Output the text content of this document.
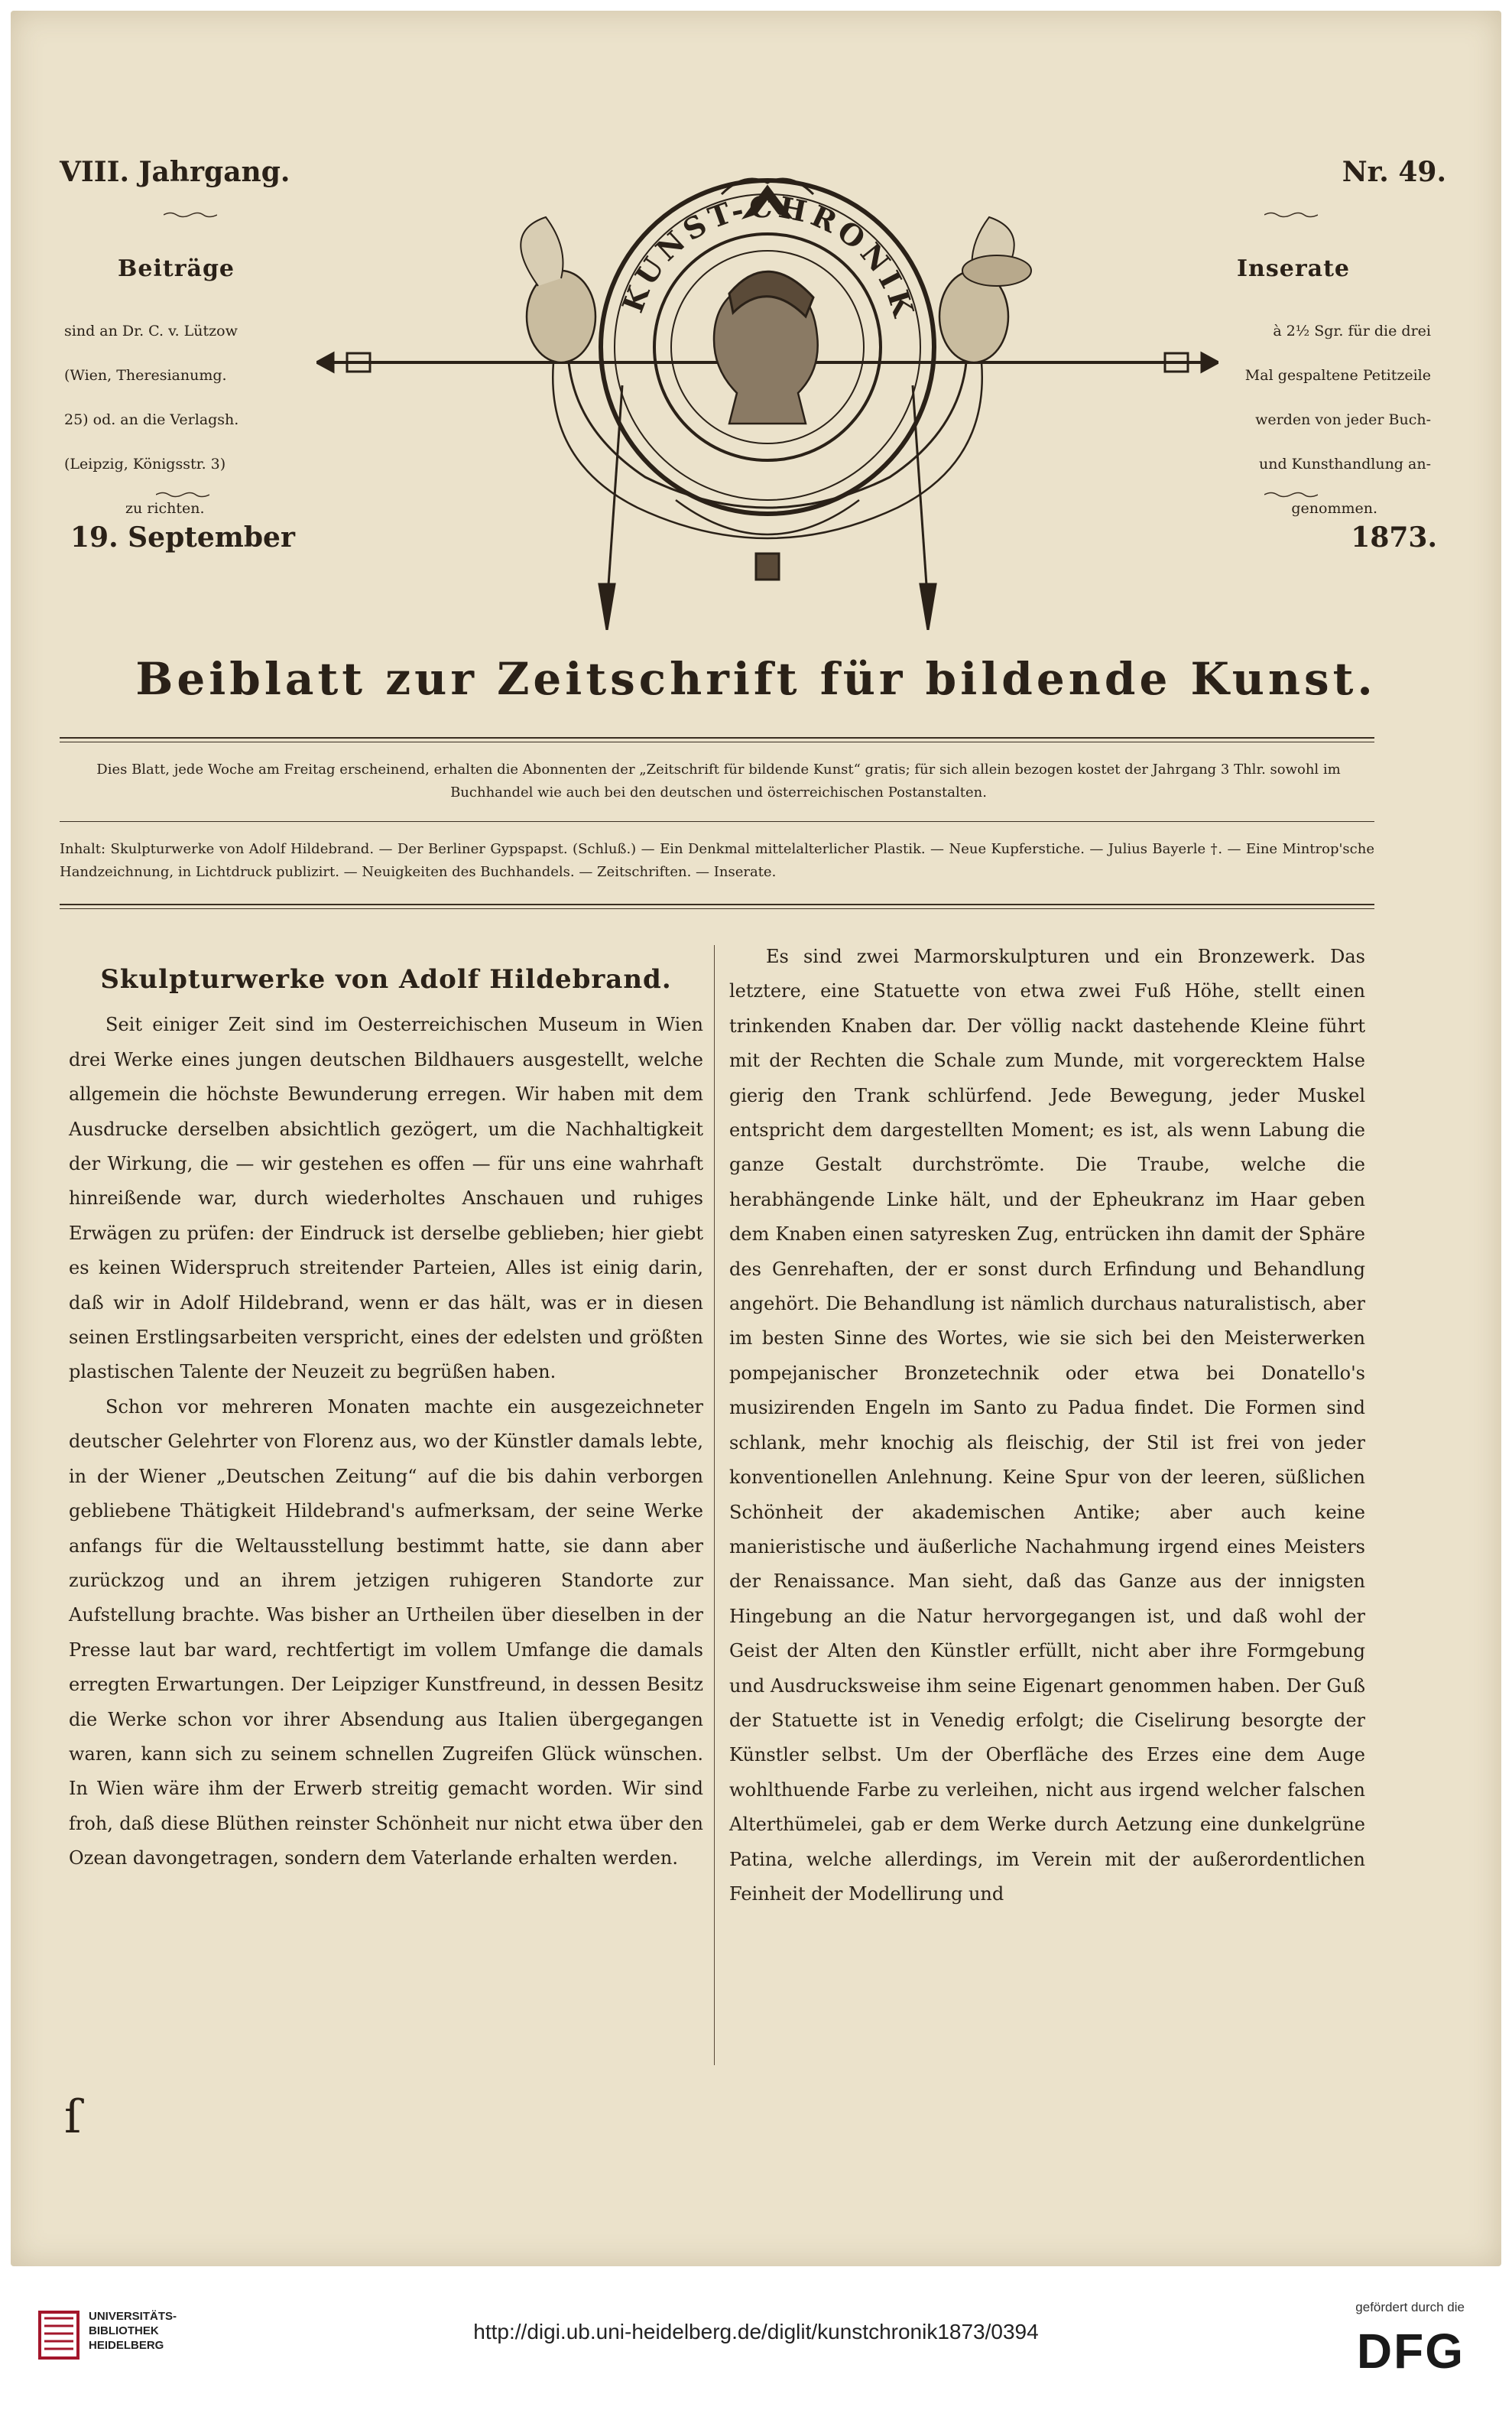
VIII. Jahrgang.	Nr. 49.
Beiträge

sind an Dr. C. v. Lützow

(Wien, Theresianumg.

25) od. an die Verlagsh.

(Leipzig, Königsstr. 3)

zu richten.

Inserate

à 2½ Sgr. für die drei

Mal gespaltene Petitzeile

werden von jeder Buch-

und Kunsthandlung an-

genommen.

19. September	1873.
KUNST-CHRONIK
Beiblatt zur Zeitschrift für bildende Kunst.
Dies Blatt, jede Woche am Freitag erscheinend, erhalten die Abonnenten der „Zeitschrift für bildende Kunst“ gratis; für sich allein bezogen kostet der Jahrgang 3 Thlr. sowohl im Buchhandel wie auch bei den deutschen und österreichischen Postanstalten.
Inhalt: Skulpturwerke von Adolf Hildebrand. — Der Berliner Gypspapst. (Schluß.) — Ein Denkmal mittelalterlicher Plastik. — Neue Kupferstiche. — Julius Bayerle †. — Eine Mintrop'sche Handzeichnung, in Lichtdruck publizirt. — Neuigkeiten des Buchhandels. — Zeitschriften. — Inserate.
Skulpturwerke von Adolf Hildebrand.

Seit einiger Zeit sind im Oesterreichischen Museum in Wien drei Werke eines jungen deutschen Bildhauers ausgestellt, welche allgemein die höchste Bewunderung erregen. Wir haben mit dem Ausdrucke derselben absichtlich gezögert, um die Nachhaltigkeit der Wirkung, die — wir gestehen es offen — für uns eine wahrhaft hinreißende war, durch wiederholtes Anschauen und ruhiges Erwägen zu prüfen: der Eindruck ist derselbe geblieben; hier giebt es keinen Widerspruch streitender Parteien, Alles ist einig darin, daß wir in Adolf Hildebrand, wenn er das hält, was er in diesen seinen Erstlingsarbeiten verspricht, eines der edelsten und größten plastischen Talente der Neuzeit zu begrüßen haben.

Schon vor mehreren Monaten machte ein ausgezeichneter deutscher Gelehrter von Florenz aus, wo der Künstler damals lebte, in der Wiener „Deutschen Zeitung“ auf die bis dahin verborgen gebliebene Thätigkeit Hildebrand's aufmerksam, der seine Werke anfangs für die Weltausstellung bestimmt hatte, sie dann aber zurückzog und an ihrem jetzigen ruhigeren Standorte zur Aufstellung brachte. Was bisher an Urtheilen über dieselben in der Presse laut bar ward, rechtfertigt im vollem Umfange die damals erregten Erwartungen. Der Leipziger Kunstfreund, in dessen Besitz die Werke schon vor ihrer Absendung aus Italien übergegangen waren, kann sich zu seinem schnellen Zugreifen Glück wünschen. In Wien wäre ihm der Erwerb streitig gemacht worden. Wir sind froh, daß diese Blüthen reinster Schönheit nur nicht etwa über den Ozean davongetragen, sondern dem Vaterlande erhalten werden.

Es sind zwei Marmorskulpturen und ein Bronzewerk. Das letztere, eine Statuette von etwa zwei Fuß Höhe, stellt einen trinkenden Knaben dar. Der völlig nackt dastehende Kleine führt mit der Rechten die Schale zum Munde, mit vorgerecktem Halse gierig den Trank schlürfend. Jede Bewegung, jeder Muskel entspricht dem dargestellten Moment; es ist, als wenn Labung die ganze Gestalt durchströmte. Die Traube, welche die herabhängende Linke hält, und der Epheukranz im Haar geben dem Knaben einen satyresken Zug, entrücken ihn damit der Sphäre des Genrehaften, der er sonst durch Erfindung und Behandlung angehört. Die Behandlung ist nämlich durchaus naturalistisch, aber im besten Sinne des Wortes, wie sie sich bei den Meisterwerken pompejanischer Bronzetechnik oder etwa bei Donatello's musizirenden Engeln im Santo zu Padua findet. Die Formen sind schlank, mehr knochig als fleischig, der Stil ist frei von jeder konventionellen Anlehnung. Keine Spur von der leeren, süßlichen Schönheit der akademischen Antike; aber auch keine manieristische und äußerliche Nachahmung irgend eines Meisters der Renaissance. Man sieht, daß das Ganze aus der innigsten Hingebung an die Natur hervorgegangen ist, und daß wohl der Geist der Alten den Künstler erfüllt, nicht aber ihre Formgebung und Ausdrucksweise ihm seine Eigenart genommen haben. Der Guß der Statuette ist in Venedig erfolgt; die Ciselirung besorgte der Künstler selbst. Um der Oberfläche des Erzes eine dem Auge wohlthuende Farbe zu verleihen, nicht aus irgend welcher falschen Alterthümelei, gab er dem Werke durch Aetzung eine dunkelgrüne Patina, welche allerdings, im Verein mit der außerordentlichen Feinheit der Modellirung und

ſ
UNIVERSITÄTS-
BIBLIOTHEK
HEIDELBERG
http://digi.ub.uni-heidelberg.de/diglit/kunstchronik1873/0394
gefördert durch die
DFG
